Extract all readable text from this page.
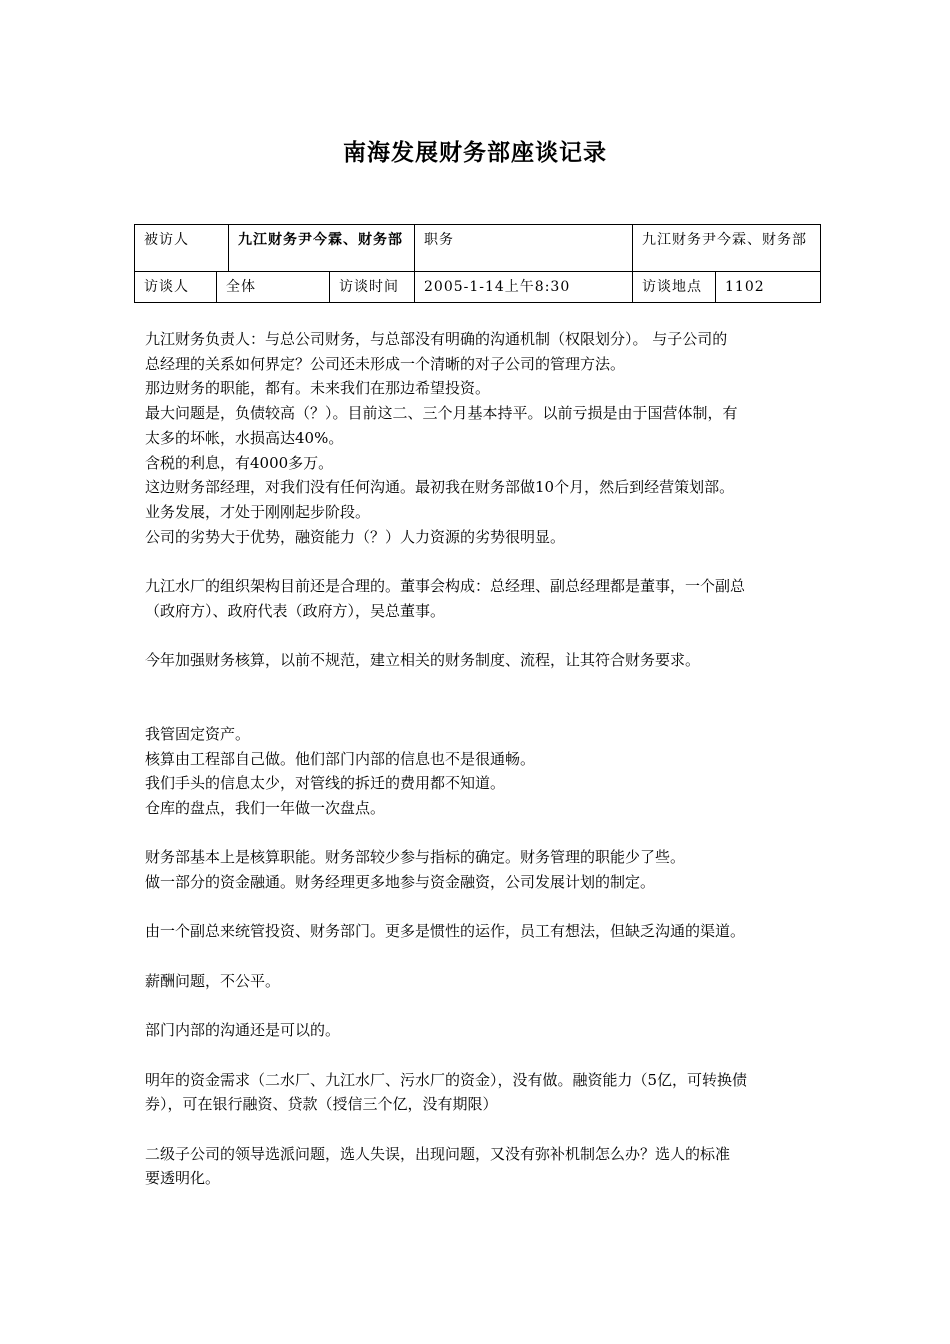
南海发展财务部座谈记录
被访人		九江财务尹今霖、财务部		职务	九江财务尹今霖、财务部	
访谈人	全体		访谈时间	2005-1-14上午8:30	访谈地点	1102
九江财务负责人：与总公司财务，与总部没有明确的沟通机制（权限划分）。 与子公司的
总经理的关系如何界定？公司还未形成一个清晰的对子公司的管理方法。
那边财务的职能，都有。未来我们在那边希望投资。
最大问题是，负债较高（？）。目前这二、三个月基本持平。以前亏损是由于国营体制，有
太多的坏帐，水损高达40%。
含税的利息，有4000多万。
这边财务部经理，对我们没有任何沟通。最初我在财务部做10个月，然后到经营策划部。
业务发展，才处于刚刚起步阶段。
公司的劣势大于优势，融资能力（？）人力资源的劣势很明显。
九江水厂的组织架构目前还是合理的。董事会构成：总经理、副总经理都是董事，一个副总
（政府方）、政府代表（政府方），吴总董事。
今年加强财务核算，以前不规范，建立相关的财务制度、流程，让其符合财务要求。
我管固定资产。
核算由工程部自己做。他们部门内部的信息也不是很通畅。
我们手头的信息太少，对管线的拆迁的费用都不知道。
仓库的盘点，我们一年做一次盘点。
财务部基本上是核算职能。财务部较少参与指标的确定。财务管理的职能少了些。
做一部分的资金融通。财务经理更多地参与资金融资，公司发展计划的制定。
由一个副总来统管投资、财务部门。更多是惯性的运作，员工有想法，但缺乏沟通的渠道。
薪酬问题，不公平。
部门内部的沟通还是可以的。
明年的资金需求（二水厂、九江水厂、污水厂的资金），没有做。融资能力（5亿，可转换债
券），可在银行融资、贷款（授信三个亿，没有期限）
二级子公司的领导选派问题，选人失误，出现问题，又没有弥补机制怎么办？选人的标准
要透明化。
